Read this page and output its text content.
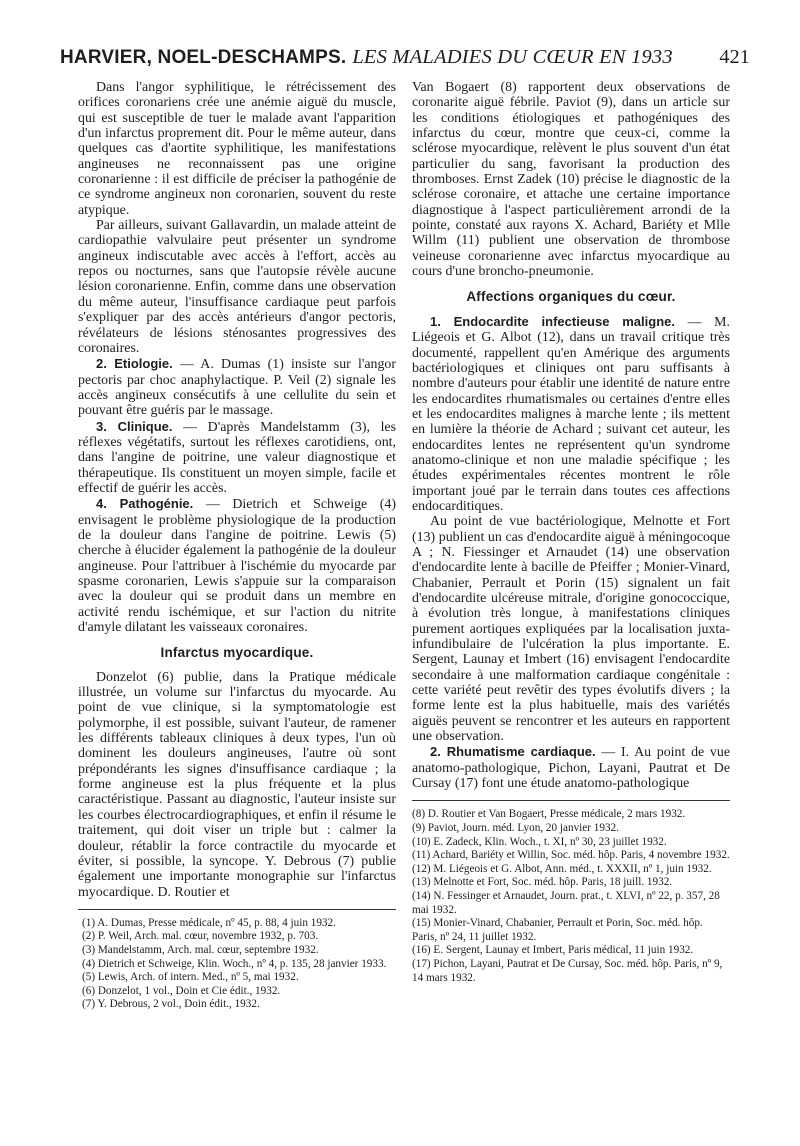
HARVIER, NOEL-DESCHAMPS. LES MALADIES DU CŒUR EN 1933 421

Dans l'angor syphilitique, le rétrécissement des orifices coronariens crée une anémie aiguë du muscle, qui est susceptible de tuer le malade avant l'apparition d'un infarctus proprement dit. Pour le même auteur, dans quelques cas d'aortite syphilitique, les manifestations angineuses ne reconnaissent pas une origine coronarienne : il est difficile de préciser la pathogénie de ce syndrome angineux non coronarien, souvent du reste atypique.

Par ailleurs, suivant Gallavardin, un malade atteint de cardiopathie valvulaire peut présenter un syndrome angineux indiscutable avec accès à l'effort, accès au repos ou nocturnes, sans que l'autopsie révèle aucune lésion coronarienne. Enfin, comme dans une observation du même auteur, l'insuffisance cardiaque peut parfois s'expliquer par des accès antérieurs d'angor pectoris, révélateurs de lésions sténosantes progressives des coronaires.

2. Etiologie. — A. Dumas (1) insiste sur l'angor pectoris par choc anaphylactique. P. Veil (2) signale les accès angineux consécutifs à une cellulite du sein et pouvant être guéris par le massage.

3. Clinique. — D'après Mandelstamm (3), les réflexes végétatifs, surtout les réflexes carotidiens, ont, dans l'angine de poitrine, une valeur diagnostique et thérapeutique. Ils constituent un moyen simple, facile et effectif de guérir les accès.

4. Pathogénie. — Dietrich et Schweige (4) envisagent le problème physiologique de la production de la douleur dans l'angine de poitrine. Lewis (5) cherche à élucider également la pathogénie de la douleur angineuse. Pour l'attribuer à l'ischémie du myocarde par spasme coronarien, Lewis s'appuie sur la comparaison avec la douleur qui se produit dans un membre en activité rendu ischémique, et sur l'action du nitrite d'amyle dilatant les vaisseaux coronaires.

Infarctus myocardique.

Donzelot (6) publie, dans la Pratique médicale illustrée, un volume sur l'infarctus du myocarde. Au point de vue clinique, si la symptomatologie est polymorphe, il est possible, suivant l'auteur, de ramener les différents tableaux cliniques à deux types, l'un où dominent les douleurs angineuses, l'autre où sont prépondérants les signes d'insuffisance cardiaque ; la forme angineuse est la plus fréquente et la plus caractéristique. Passant au diagnostic, l'auteur insiste sur les courbes électrocardiographiques, et enfin il résume le traitement, qui doit viser un triple but : calmer la douleur, rétablir la force contractile du myocarde et éviter, si possible, la syncope. Y. Debrous (7) publie également une importante monographie sur l'infarctus myocardique. D. Routier et

(1) A. Dumas, Presse médicale, nº 45, p. 88, 4 juin 1932.
(2) P. Weil, Arch. mal. cœur, novembre 1932, p. 703.
(3) Mandelstamm, Arch. mal. cœur, septembre 1932.
(4) Dietrich et Schweige, Klin. Woch., nº 4, p. 135, 28 janvier 1933.
(5) Lewis, Arch. of intern. Med., nº 5, mai 1932.
(6) Donzelot, 1 vol., Doin et Cie édit., 1932.
(7) Y. Debrous, 2 vol., Doin édit., 1932.

Van Bogaert (8) rapportent deux observations de coronarite aiguë fébrile. Paviot (9), dans un article sur les conditions étiologiques et pathogéniques des infarctus du cœur, montre que ceux-ci, comme la sclérose myocardique, relèvent le plus souvent d'un état particulier du sang, favorisant la production des thromboses. Ernst Zadek (10) précise le diagnostic de la sclérose coronaire, et attache une certaine importance diagnostique à l'aspect particulièrement arrondi de la pointe, constaté aux rayons X. Achard, Bariéty et Mlle Willm (11) publient une observation de thrombose veineuse coronarienne avec infarctus myocardique au cours d'une broncho-pneumonie.

Affections organiques du cœur.

1. Endocardite infectieuse maligne. — M. Liégeois et G. Albot (12), dans un travail critique très documenté, rappellent qu'en Amérique des arguments bactériologiques et cliniques ont paru suffisants à nombre d'auteurs pour établir une identité de nature entre les endocardites rhumatismales ou certaines d'entre elles et les endocardites malignes à marche lente ; ils mettent en lumière la théorie de Achard ; suivant cet auteur, les endocardites lentes ne représentent qu'un syndrome anatomo-clinique et non une maladie spécifique ; les études expérimentales récentes montrent le rôle important joué par le terrain dans toutes ces affections endocarditiques.

Au point de vue bactériologique, Melnotte et Fort (13) publient un cas d'endocardite aiguë à méningocoque A ; N. Fiessinger et Arnaudet (14) une observation d'endocardite lente à bacille de Pfeiffer ; Monier-Vinard, Chabanier, Perrault et Porin (15) signalent un fait d'endocardite ulcéreuse mitrale, d'origine gonococcique, à évolution très longue, à manifestations cliniques purement aortiques expliquées par la localisation juxta-infundibulaire de l'ulcération la plus importante. E. Sergent, Launay et Imbert (16) envisagent l'endocardite secondaire à une malformation cardiaque congénitale : cette variété peut revêtir des types évolutifs divers ; la forme lente est la plus habituelle, mais des variétés aiguës peuvent se rencontrer et les auteurs en rapportent une observation.

2. Rhumatisme cardiaque. — I. Au point de vue anatomo-pathologique, Pichon, Layani, Pautrat et De Cursay (17) font une étude anatomo-pathologique

(8) D. Routier et Van Bogaert, Presse médicale, 2 mars 1932.
(9) Paviot, Journ. méd. Lyon, 20 janvier 1932.
(10) E. Zadeck, Klin. Woch., t. XI, nº 30, 23 juillet 1932.
(11) Achard, Bariéty et Willin, Soc. méd. hôp. Paris, 4 novembre 1932.
(12) M. Liégeois et G. Albot, Ann. méd., t. XXXII, nº 1, juin 1932.
(13) Melnotte et Fort, Soc. méd. hôp. Paris, 18 juill. 1932.
(14) N. Fessinger et Arnaudet, Journ. prat., t. XLVI, nº 22, p. 357, 28 mai 1932.
(15) Monier-Vinard, Chabanier, Perrault et Porin, Soc. méd. hôp. Paris, nº 24, 11 juillet 1932.
(16) E. Sergent, Launay et Imbert, Paris médical, 11 juin 1932.
(17) Pichon, Layani, Pautrat et De Cursay, Soc. méd. hôp. Paris, nº 9, 14 mars 1932.
